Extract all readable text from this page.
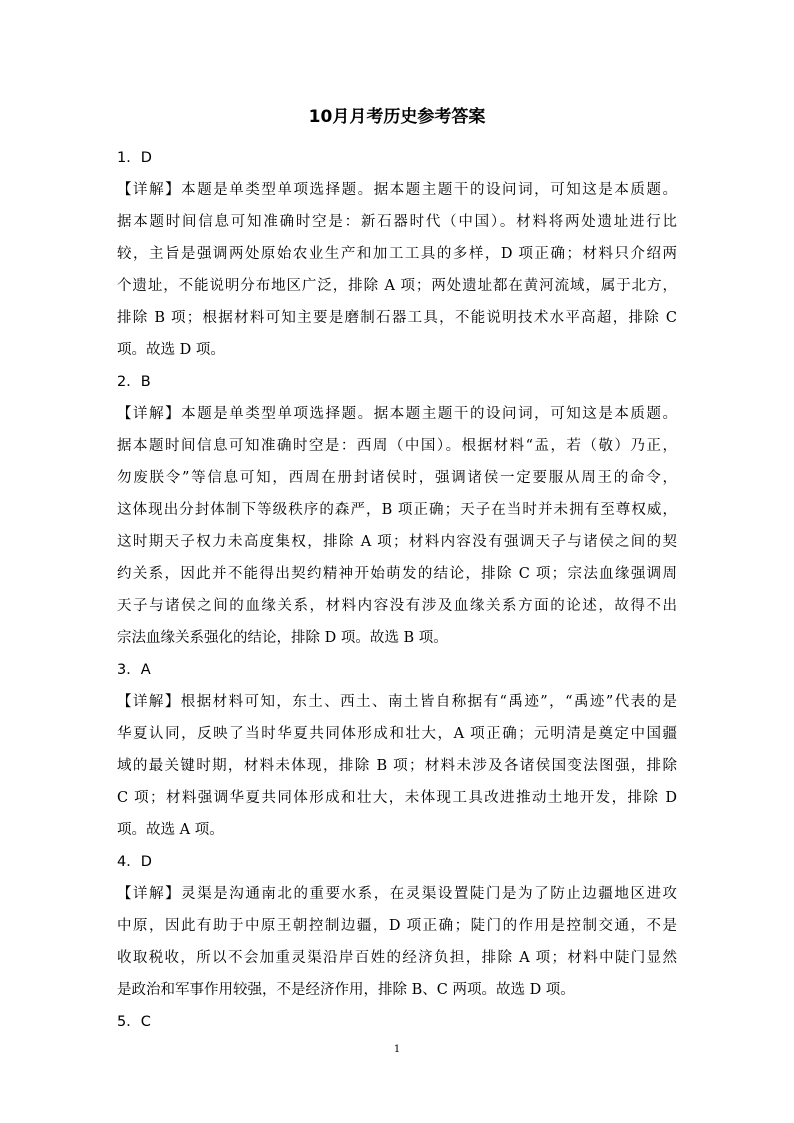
10月月考历史参考答案
1．D
【详解】本题是单类型单项选择题。据本题主题干的设问词，可知这是本质题。
据本题时间信息可知准确时空是：新石器时代（中国）。材料将两处遗址进行比
较，主旨是强调两处原始农业生产和加工工具的多样，D 项正确；材料只介绍两
个遗址，不能说明分布地区广泛，排除 A 项；两处遗址都在黄河流域，属于北方，
排除 B 项；根据材料可知主要是磨制石器工具，不能说明技术水平高超，排除 C
项。故选 D 项。
2．B
【详解】本题是单类型单项选择题。据本题主题干的设问词，可知这是本质题。
据本题时间信息可知准确时空是：西周（中国）。根据材料“盂，若（敬）乃正，
勿废朕令”等信息可知，西周在册封诸侯时，强调诸侯一定要服从周王的命令，
这体现出分封体制下等级秩序的森严，B 项正确；天子在当时并未拥有至尊权威，
这时期天子权力未高度集权，排除 A 项；材料内容没有强调天子与诸侯之间的契
约关系，因此并不能得出契约精神开始萌发的结论，排除 C 项；宗法血缘强调周
天子与诸侯之间的血缘关系，材料内容没有涉及血缘关系方面的论述，故得不出
宗法血缘关系强化的结论，排除 D 项。故选 B 项。
3．A
【详解】根据材料可知，东土、西土、南土皆自称据有“禹迹”，“禹迹”代表的是
华夏认同，反映了当时华夏共同体形成和壮大，A 项正确；元明清是奠定中国疆
域的最关键时期，材料未体现，排除 B 项；材料未涉及各诸侯国变法图强，排除
C 项；材料强调华夏共同体形成和壮大，未体现工具改进推动土地开发，排除 D
项。故选 A 项。
4．D
【详解】灵渠是沟通南北的重要水系，在灵渠设置陡门是为了防止边疆地区进攻
中原，因此有助于中原王朝控制边疆，D 项正确；陡门的作用是控制交通，不是
收取税收，所以不会加重灵渠沿岸百姓的经济负担，排除 A 项；材料中陡门显然
是政治和军事作用较强，不是经济作用，排除 B、C 两项。故选 D 项。
5．C
1
